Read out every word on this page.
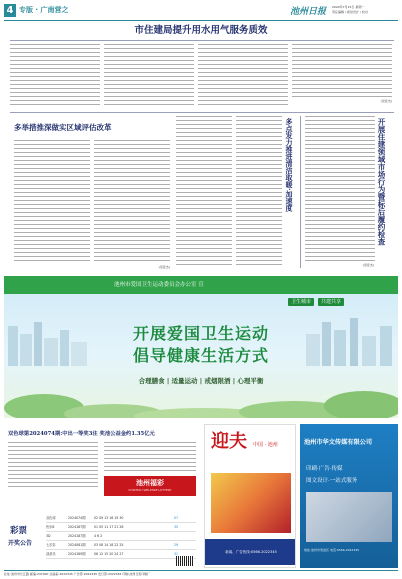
4 专版 · 广南营之	池州日报 2024年7月15日 星期一
责任编辑 / 视觉设计 / 校对
市住建局提升用水用气服务质效
(吴佳杰)
多举措推深做实区域评估改革
(吴佳杰)
多点发力推进清洁取暖·加速度	开展住建领域市场行为暨标后履约检查
(吴佳杰)
池州市爱国卫生运动委员会办公室 宣
卫生城市	共建共享
开展爱国卫生运动
倡导健康生活方式
合理膳食 | 适量运动 | 戒烟限酒 | 心理平衡
双色球第2024074期:中出一等奖3注 奖池公益金约1.35亿元
池州福彩
CHIZHOU WELFARE LOTTERY
彩票
开奖公告
双色球	2024074期	02 09 13 16 19 30	07
快乐8	2024187期	01 05 11 17 21 26	35
3D	2024187期	4 6 2
七乐彩	2024081期	03 08 14 18 22 25	29
刮刮乐	2024189期	06 12 15 20 24 27	31
迎夫 中国 · 池州
新闻、广告热线:0566-2022345
池州市华文传媒有限公司
印刷·广告·传媒
图文设计·一站式服务
地址:池州市贵池区 电话:0566-2022345
社址:池州市长江路 邮编:247000 总编室:2022345 广告部:2022345 发行部:2022345 印刷:池州日报印刷厂
